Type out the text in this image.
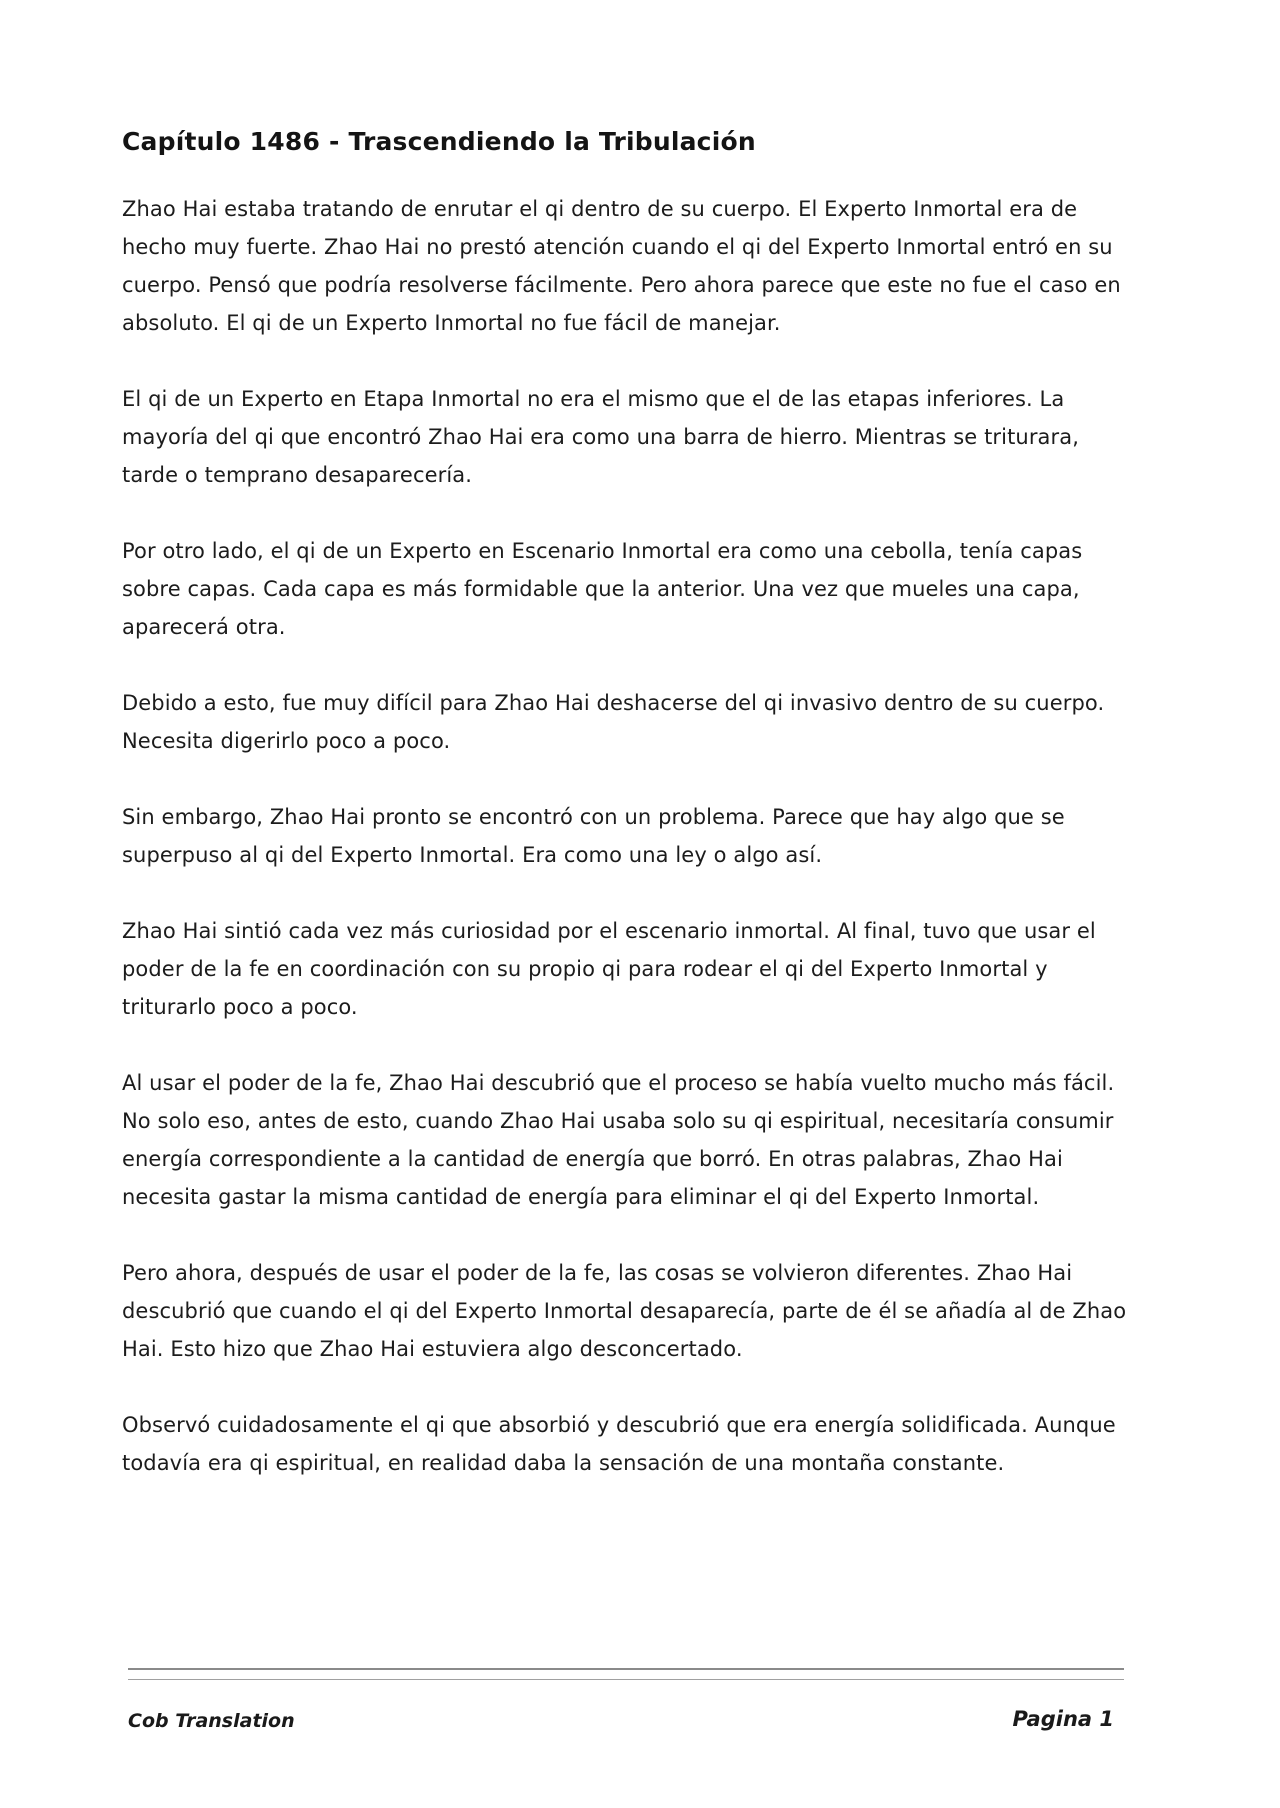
Capítulo 1486 - Trascendiendo la Tribulación

Zhao Hai estaba tratando de enrutar el qi dentro de su cuerpo. El Experto Inmortal era de hecho muy fuerte. Zhao Hai no prestó atención cuando el qi del Experto Inmortal entró en su cuerpo. Pensó que podría resolverse fácilmente. Pero ahora parece que este no fue el caso en absoluto. El qi de un Experto Inmortal no fue fácil de manejar.

El qi de un Experto en Etapa Inmortal no era el mismo que el de las etapas inferiores. La mayoría del qi que encontró Zhao Hai era como una barra de hierro. Mientras se triturara, tarde o temprano desaparecería.

Por otro lado, el qi de un Experto en Escenario Inmortal era como una cebolla, tenía capas sobre capas. Cada capa es más formidable que la anterior. Una vez que mueles una capa, aparecerá otra.

Debido a esto, fue muy difícil para Zhao Hai deshacerse del qi invasivo dentro de su cuerpo. Necesita digerirlo poco a poco.

Sin embargo, Zhao Hai pronto se encontró con un problema. Parece que hay algo que se superpuso al qi del Experto Inmortal. Era como una ley o algo así.

Zhao Hai sintió cada vez más curiosidad por el escenario inmortal. Al final, tuvo que usar el poder de la fe en coordinación con su propio qi para rodear el qi del Experto Inmortal y triturarlo poco a poco.

Al usar el poder de la fe, Zhao Hai descubrió que el proceso se había vuelto mucho más fácil. No solo eso, antes de esto, cuando Zhao Hai usaba solo su qi espiritual, necesitaría consumir energía correspondiente a la cantidad de energía que borró. En otras palabras, Zhao Hai necesita gastar la misma cantidad de energía para eliminar el qi del Experto Inmortal.

Pero ahora, después de usar el poder de la fe, las cosas se volvieron diferentes. Zhao Hai descubrió que cuando el qi del Experto Inmortal desaparecía, parte de él se añadía al de Zhao Hai. Esto hizo que Zhao Hai estuviera algo desconcertado.

Observó cuidadosamente el qi que absorbió y descubrió que era energía solidificada. Aunque todavía era qi espiritual, en realidad daba la sensación de una montaña constante.

Cob Translation	Pagina 1
